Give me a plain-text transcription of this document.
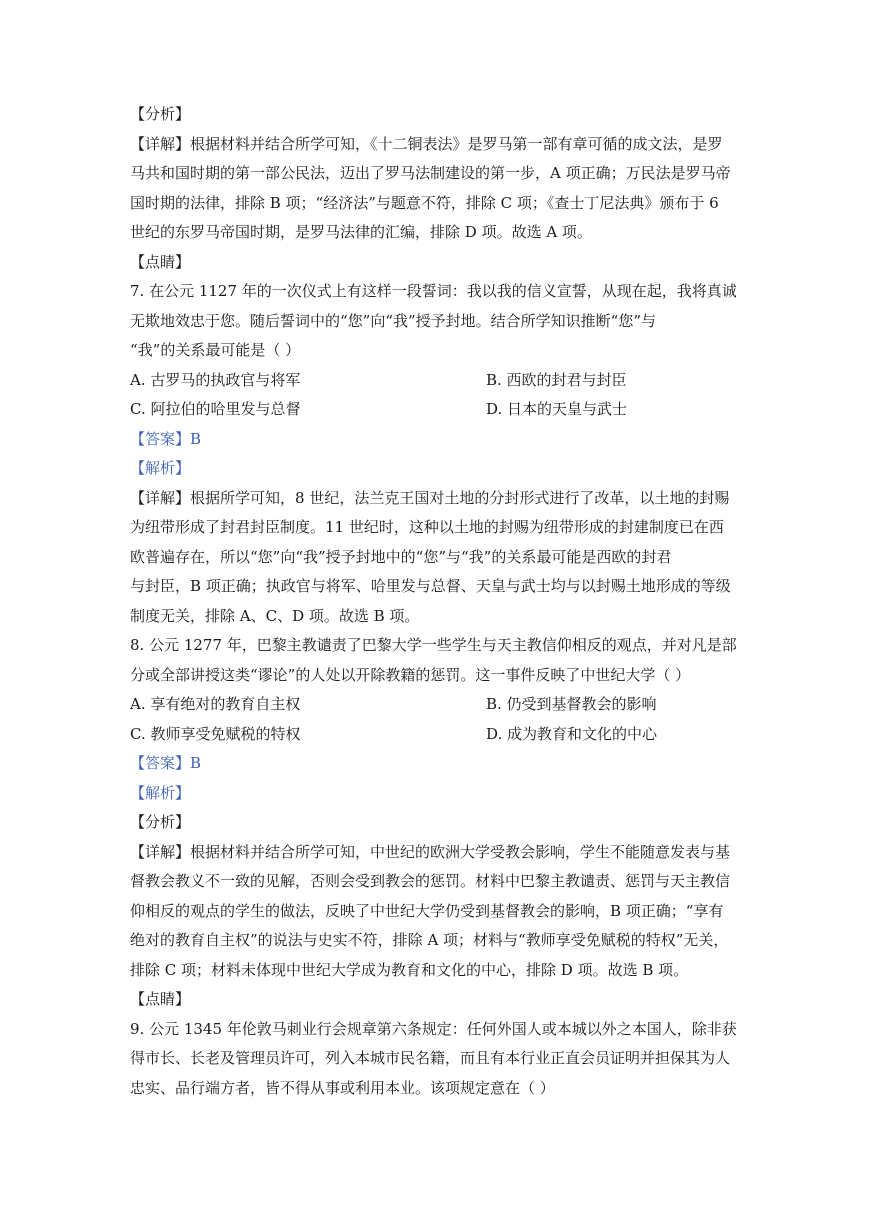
【分析】
【详解】根据材料并结合所学可知，《十二铜表法》是罗马第一部有章可循的成文法，是罗
马共和国时期的第一部公民法，迈出了罗马法制建设的第一步，A 项正确；万民法是罗马帝
国时期的法律，排除 B 项；“经济法”与题意不符，排除 C 项；《查士丁尼法典》颁布于 6
世纪的东罗马帝国时期，是罗马法律的汇编，排除 D 项。故选 A 项。
【点睛】
7. 在公元 1127 年的一次仪式上有这样一段誓词：我以我的信义宣誓，从现在起，我将真诚
无欺地效忠于您。随后誓词中的“您”向“我”授予封地。结合所学知识推断“您”与
“我”的关系最可能是（ ）
A. 古罗马的执政官与将军	B. 西欧的封君与封臣
C. 阿拉伯的哈里发与总督	D. 日本的天皇与武士
【答案】B
【解析】
【详解】根据所学可知，8 世纪，法兰克王国对土地的分封形式进行了改革，以土地的封赐
为纽带形成了封君封臣制度。11 世纪时，这种以土地的封赐为纽带形成的封建制度已在西
欧普遍存在，所以“您”向“我”授予封地中的“您”与“我”的关系最可能是西欧的封君
与封臣，B 项正确；执政官与将军、哈里发与总督、天皇与武士均与以封赐土地形成的等级
制度无关，排除 A、C、D 项。故选 B 项。
8. 公元 1277 年，巴黎主教谴责了巴黎大学一些学生与天主教信仰相反的观点，并对凡是部
分或全部讲授这类“谬论”的人处以开除教籍的惩罚。这一事件反映了中世纪大学（ ）
A. 享有绝对的教育自主权	B. 仍受到基督教会的影响
C. 教师享受免赋税的特权	D. 成为教育和文化的中心
【答案】B
【解析】
【分析】
【详解】根据材料并结合所学可知，中世纪的欧洲大学受教会影响，学生不能随意发表与基
督教会教义不一致的见解，否则会受到教会的惩罚。材料中巴黎主教谴责、惩罚与天主教信
仰相反的观点的学生的做法，反映了中世纪大学仍受到基督教会的影响，B 项正确；“享有
绝对的教育自主权”的说法与史实不符，排除 A 项；材料与“教师享受免赋税的特权”无关，
排除 C 项；材料未体现中世纪大学成为教育和文化的中心，排除 D 项。故选 B 项。
【点睛】
9. 公元 1345 年伦敦马刺业行会规章第六条规定：任何外国人或本城以外之本国人，除非获
得市长、长老及管理员许可，列入本城市民名籍，而且有本行业正直会员证明并担保其为人
忠实、品行端方者，皆不得从事或利用本业。该项规定意在（ ）
